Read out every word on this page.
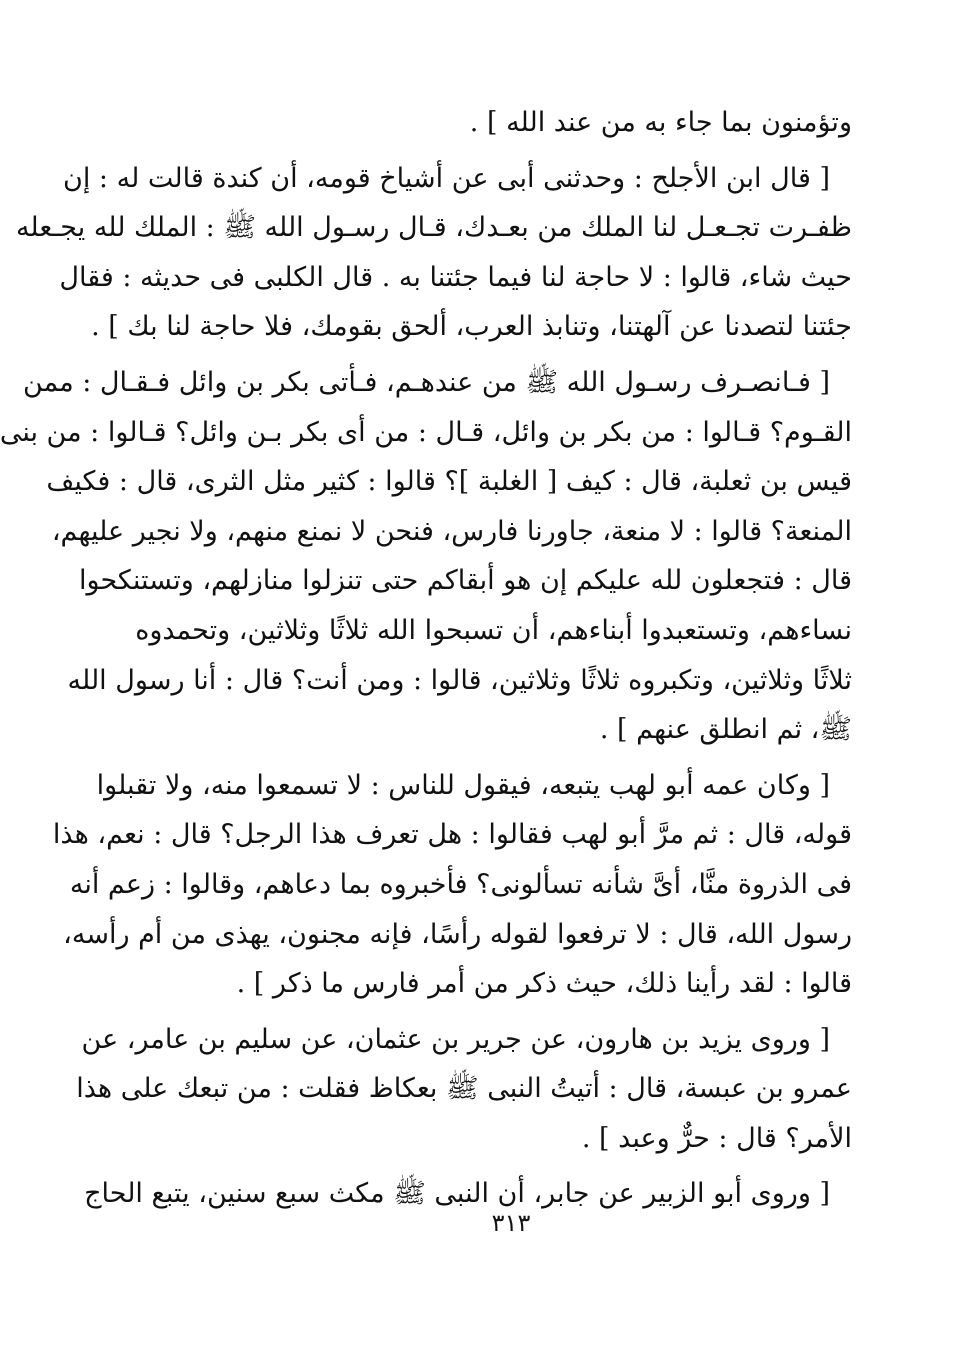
وتؤمنون بما جاء به من عند الله ] .
[ قال ابن الأجلح : وحدثنى أبى عن أشياخ قومه، أن كندة قالت له : إن
ظفـرت تجـعـل لنا الملك من بعـدك، قـال رسـول الله ﷺ : الملك لله يجـعله
حيث شاء، قالوا : لا حاجة لنا فيما جئتنا به . قال الكلبى فى حديثه : فقال
جئتنا لتصدنا عن آلهتنا، وتنابذ العرب، ألحق بقومك، فلا حاجة لنا بك ] .
[ فـانصـرف رسـول الله ﷺ من عندهـم، فـأتى بكر بن وائل فـقـال : ممن
القـوم؟ قـالوا : من بكر بن وائل، قـال : من أى بكر بـن وائل؟ قـالوا : من بنى
قيس بن ثعلبة، قال : كيف [ الغلبة ]؟ قالوا : كثير مثل الثرى، قال : فكيف
المنعة؟ قالوا : لا منعة، جاورنا فارس، فنحن لا نمنع منهم، ولا نجير عليهم،
قال : فتجعلون لله عليكم إن هو أبقاكم حتى تنزلوا منازلهم، وتستنكحوا
نساءهم، وتستعبدوا أبناءهم، أن تسبحوا الله ثلاثًا وثلاثين، وتحمدوه
ثلاثًا وثلاثين، وتكبروه ثلاثًا وثلاثين، قالوا : ومن أنت؟ قال : أنا رسول الله
ﷺ، ثم انطلق عنهم ] .
[ وكان عمه أبو لهب يتبعه، فيقول للناس : لا تسمعوا منه، ولا تقبلوا
قوله، قال : ثم مرَّ أبو لهب فقالوا : هل تعرف هذا الرجل؟ قال : نعم، هذا
فى الذروة منَّا، أىَّ شأنه تسألونى؟ فأخبروه بما دعاهم، وقالوا : زعم أنه
رسول الله، قال : لا ترفعوا لقوله رأسًا، فإنه مجنون، يهذى من أم رأسه،
قالوا : لقد رأينا ذلك، حيث ذكر من أمر فارس ما ذكر ] .
[ وروى يزيد بن هارون، عن جرير بن عثمان، عن سليم بن عامر، عن
عمرو بن عبسة، قال : أتيتُ النبى ﷺ بعكاظ فقلت : من تبعك على هذا
الأمر؟ قال : حرٌّ وعبد ] .
[ وروى أبو الزبير عن جابر، أن النبى ﷺ مكث سبع سنين، يتبع الحاج
٣١٣
